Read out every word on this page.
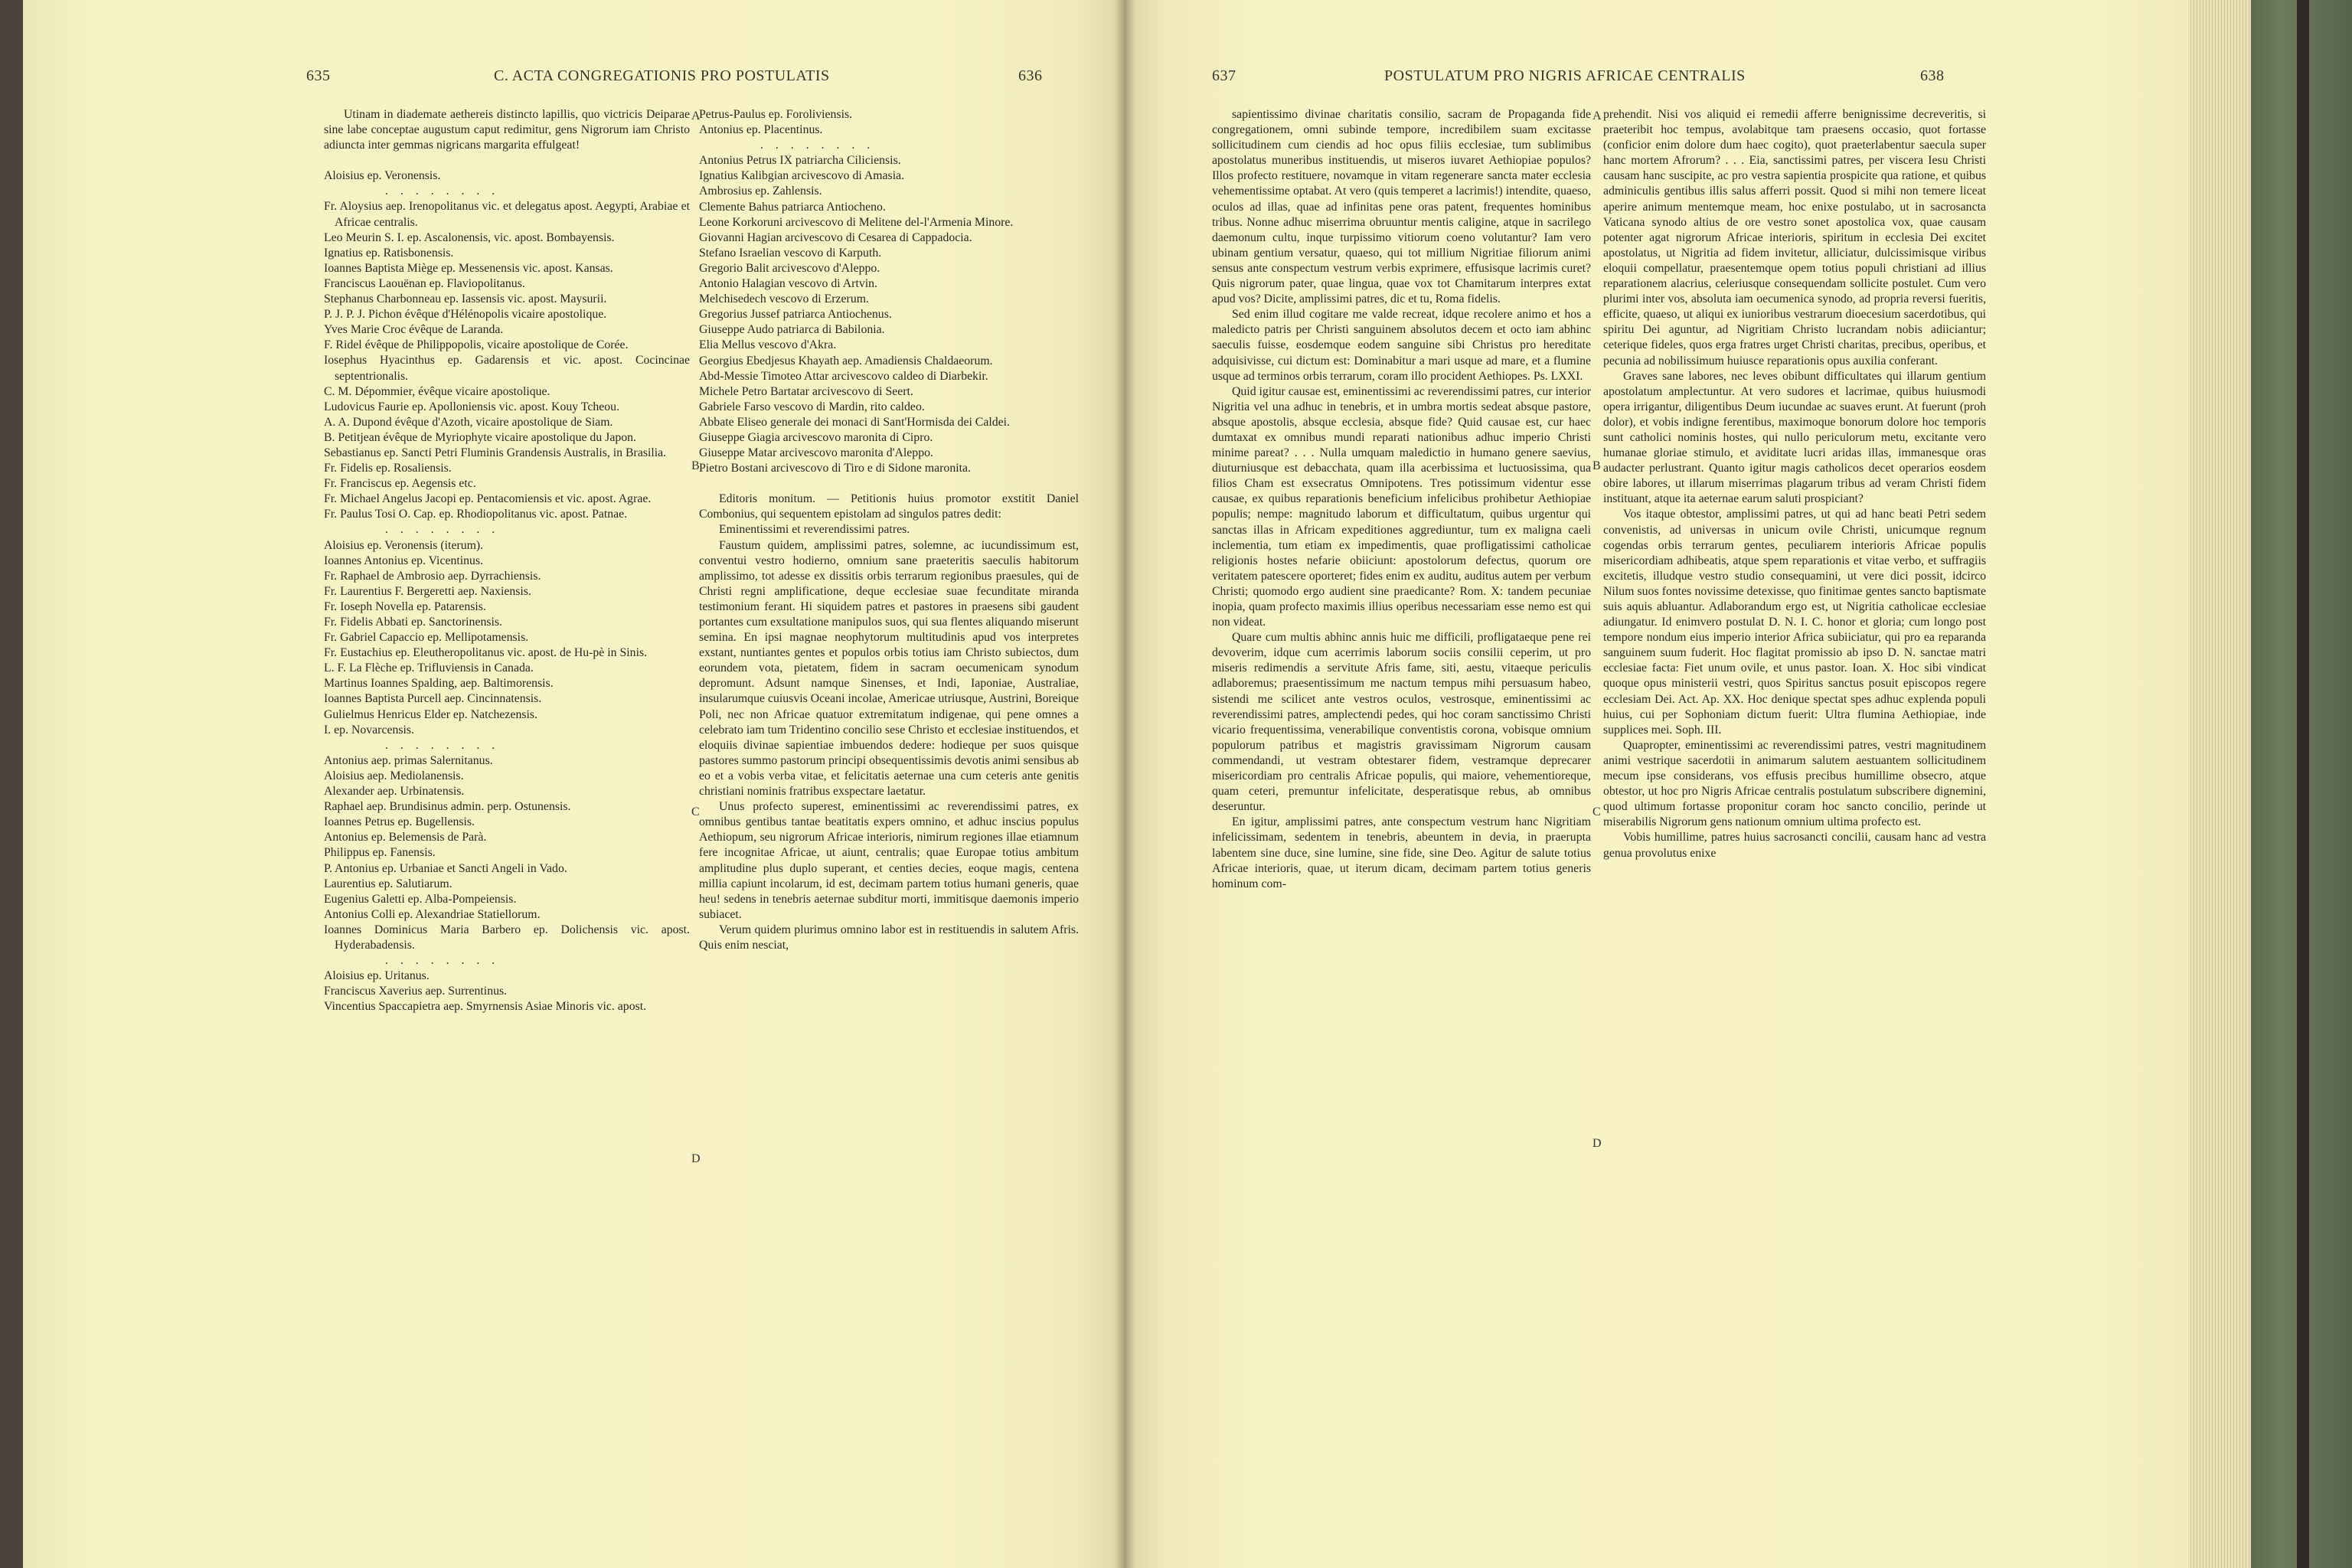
635	C. ACTA CONGREGATIONIS PRO POSTULATIS	636

Utinam in diademate aethereis distincto lapillis, quo victricis Deiparae sine labe conceptae augustum caput redimitur, gens Nigrorum iam Christo adiuncta inter gemmas nigricans margarita effulgeat!

Aloisius ep. Veronensis.

. . . . . . . .

Fr. Aloysius aep. Irenopolitanus vic. et delegatus apost. Aegypti, Arabiae et Africae centralis.

Leo Meurin S. I. ep. Ascalonensis, vic. apost. Bombayensis.

Ignatius ep. Ratisbonensis.

Ioannes Baptista Miège ep. Messenensis vic. apost. Kansas.

Franciscus Laouënan ep. Flaviopolitanus.

Stephanus Charbonneau ep. Iassensis vic. apost. Maysurii.

P. J. P. J. Pichon évêque d'Hélénopolis vicaire apostolique.

Yves Marie Croc évêque de Laranda.

F. Ridel évêque de Philippopolis, vicaire apostolique de Corée.

Iosephus Hyacinthus ep. Gadarensis et vic. apost. Cocincinae septentrionalis.

C. M. Dépommier, évêque vicaire apostolique.

Ludovicus Faurie ep. Apolloniensis vic. apost. Kouy Tcheou.

A. A. Dupond évêque d'Azoth, vicaire apostolique de Siam.

B. Petitjean évêque de Myriophyte vicaire apostolique du Japon.

Sebastianus ep. Sancti Petri Fluminis Grandensis Australis, in Brasilia.

Fr. Fidelis ep. Rosaliensis.

Fr. Franciscus ep. Aegensis etc.

Fr. Michael Angelus Jacopi ep. Pentacomiensis et vic. apost. Agrae.

Fr. Paulus Tosi O. Cap. ep. Rhodiopolitanus vic. apost. Patnae.

. . . . . . . .

Aloisius ep. Veronensis (iterum).

Ioannes Antonius ep. Vicentinus.

Fr. Raphael de Ambrosio aep. Dyrrachiensis.

Fr. Laurentius F. Bergeretti aep. Naxiensis.

Fr. Ioseph Novella ep. Patarensis.

Fr. Fidelis Abbati ep. Sanctorinensis.

Fr. Gabriel Capaccio ep. Mellipotamensis.

Fr. Eustachius ep. Eleutheropolitanus vic. apost. de Hu-pè in Sinis.

L. F. La Flèche ep. Trifluviensis in Canada.

Martinus Ioannes Spalding, aep. Baltimorensis.

Ioannes Baptista Purcell aep. Cincinnatensis.

Gulielmus Henricus Elder ep. Natchezensis.

I. ep. Novarcensis.

. . . . . . . .

Antonius aep. primas Salernitanus.

Aloisius aep. Mediolanensis.

Alexander aep. Urbinatensis.

Raphael aep. Brundisinus admin. perp. Ostunensis.

Ioannes Petrus ep. Bugellensis.

Antonius ep. Belemensis de Parà.

Philippus ep. Fanensis.

P. Antonius ep. Urbaniae et Sancti Angeli in Vado.

Laurentius ep. Salutiarum.

Eugenius Galetti ep. Alba-Pompeiensis.

Antonius Colli ep. Alexandriae Statiellorum.

Ioannes Dominicus Maria Barbero ep. Dolichensis vic. apost. Hyderabadensis.

. . . . . . . .

Aloisius ep. Uritanus.

Franciscus Xaverius aep. Surrentinus.

Vincentius Spaccapietra aep. Smyrnensis Asiae Minoris vic. apost.

Petrus-Paulus ep. Foroliviensis.

Antonius ep. Placentinus.

. . . . . . . .

Antonius Petrus IX patriarcha Ciliciensis.

Ignatius Kalibgian arcivescovo di Amasia.

Ambrosius ep. Zahlensis.

Clemente Bahus patriarca Antiocheno.

Leone Korkoruni arcivescovo di Melitene del-l'Armenia Minore.

Giovanni Hagian arcivescovo di Cesarea di Cappadocia.

Stefano Israelian vescovo di Karputh.

Gregorio Balit arcivescovo d'Aleppo.

Antonio Halagian vescovo di Artvin.

Melchisedech vescovo di Erzerum.

Gregorius Jussef patriarca Antiochenus.

Giuseppe Audo patriarca di Babilonia.

Elia Mellus vescovo d'Akra.

Georgius Ebedjesus Khayath aep. Amadiensis Chaldaeorum.

Abd-Messie Timoteo Attar arcivescovo caldeo di Diarbekir.

Michele Petro Bartatar arcivescovo di Seert.

Gabriele Farso vescovo di Mardin, rito caldeo.

Abbate Eliseo generale dei monaci di Sant'Hormisda dei Caldei.

Giuseppe Giagia arcivescovo maronita di Cipro.

Giuseppe Matar arcivescovo maronita d'Aleppo.

Pietro Bostani arcivescovo di Tiro e di Sidone maronita.

Editoris monitum. — Petitionis huius promotor exstitit Daniel Combonius, qui sequentem epistolam ad singulos patres dedit:

Eminentissimi et reverendissimi patres.

Faustum quidem, amplissimi patres, solemne, ac iucundissimum est, conventui vestro hodierno, omnium sane praeteritis saeculis habitorum amplissimo, tot adesse ex dissitis orbis terrarum regionibus praesules, qui de Christi regni amplificatione, deque ecclesiae suae fecunditate miranda testimonium ferant. Hi siquidem patres et pastores in praesens sibi gaudent portantes cum exsultatione manipulos suos, qui sua flentes aliquando miserunt semina. En ipsi magnae neophytorum multitudinis apud vos interpretes exstant, nuntiantes gentes et populos orbis totius iam Christo subiectos, dum eorundem vota, pietatem, fidem in sacram oecumenicam synodum depromunt. Adsunt namque Sinenses, et Indi, Iaponiae, Australiae, insularumque cuiusvis Oceani incolae, Americae utriusque, Austrini, Boreique Poli, nec non Africae quatuor extremitatum indigenae, qui pene omnes a celebrato iam tum Tridentino concilio sese Christo et ecclesiae instituendos, et eloquiis divinae sapientiae imbuendos dedere: hodieque per suos quisque pastores summo pastorum principi obsequentissimis devotis animi sensibus ab eo et a vobis verba vitae, et felicitatis aeternae una cum ceteris ante genitis christiani nominis fratribus exspectare laetatur.

Unus profecto superest, eminentissimi ac reverendissimi patres, ex omnibus gentibus tantae beatitatis expers omnino, et adhuc inscius populus Aethiopum, seu nigrorum Africae interioris, nimirum regiones illae etiamnum fere incognitae Africae, ut aiunt, centralis; quae Europae totius ambitum amplitudine plus duplo superant, et centies decies, eoque magis, centena millia capiunt incolarum, id est, decimam partem totius humani generis, quae heu! sedens in tenebris aeternae subditur morti, immitisque daemonis imperio subiacet.

Verum quidem plurimus omnino labor est in restituendis in salutem Afris. Quis enim nesciat,

A
B
C
D
637	POSTULATUM PRO NIGRIS AFRICAE CENTRALIS	638

sapientissimo divinae charitatis consilio, sacram de Propaganda fide congregationem, omni subinde tempore, incredibilem suam excitasse sollicitudinem cum ciendis ad hoc opus filiis ecclesiae, tum sublimibus apostolatus muneribus instituendis, ut miseros iuvaret Aethiopiae populos? Illos profecto restituere, novamque in vitam regenerare sancta mater ecclesia vehementissime optabat. At vero (quis temperet a lacrimis!) intendite, quaeso, oculos ad illas, quae ad infinitas pene oras patent, frequentes hominibus tribus. Nonne adhuc miserrima obruuntur mentis caligine, atque in sacrilego daemonum cultu, inque turpissimo vitiorum coeno volutantur? Iam vero ubinam gentium versatur, quaeso, qui tot millium Nigritiae filiorum animi sensus ante conspectum vestrum verbis exprimere, effusisque lacrimis curet? Quis nigrorum pater, quae lingua, quae vox tot Chamitarum interpres extat apud vos? Dicite, amplissimi patres, dic et tu, Roma fidelis.

Sed enim illud cogitare me valde recreat, idque recolere animo et hos a maledicto patris per Christi sanguinem absolutos decem et octo iam abhinc saeculis fuisse, eosdemque eodem sanguine sibi Christus pro hereditate adquisivisse, cui dictum est: Dominabitur a mari usque ad mare, et a flumine usque ad terminos orbis terrarum, coram illo procident Aethiopes. Ps. LXXI.

Quid igitur causae est, eminentissimi ac reverendissimi patres, cur interior Nigritia vel una adhuc in tenebris, et in umbra mortis sedeat absque pastore, absque apostolis, absque ecclesia, absque fide? Quid causae est, cur haec dumtaxat ex omnibus mundi reparati nationibus adhuc imperio Christi minime pareat? . . . Nulla umquam maledictio in humano genere saevius, diuturniusque est debacchata, quam illa acerbissima et luctuosissima, qua filios Cham est exsecratus Omnipotens. Tres potissimum videntur esse causae, ex quibus reparationis beneficium infelicibus prohibetur Aethiopiae populis; nempe: magnitudo laborum et difficultatum, quibus urgentur qui sanctas illas in Africam expeditiones aggrediuntur, tum ex maligna caeli inclementia, tum etiam ex impedimentis, quae profligatissimi catholicae religionis hostes nefarie obiiciunt: apostolorum defectus, quorum ore veritatem patescere oporteret; fides enim ex auditu, auditus autem per verbum Christi; quomodo ergo audient sine praedicante? Rom. X: tandem pecuniae inopia, quam profecto maximis illius operibus necessariam esse nemo est qui non videat.

Quare cum multis abhinc annis huic me difficili, profligataeque pene rei devoverim, idque cum acerrimis laborum sociis consilii ceperim, ut pro miseris redimendis a servitute Afris fame, siti, aestu, vitaeque periculis adlaboremus; praesentissimum me nactum tempus mihi persuasum habeo, sistendi me scilicet ante vestros oculos, vestrosque, eminentissimi ac reverendissimi patres, amplectendi pedes, qui hoc coram sanctissimo Christi vicario frequentissima, venerabilique conventistis corona, vobisque omnium populorum patribus et magistris gravissimam Nigrorum causam commendandi, ut vestram obtestarer fidem, vestramque deprecarer misericordiam pro centralis Africae populis, qui maiore, vehementioreque, quam ceteri, premuntur infelicitate, desperatisque rebus, ab omnibus deseruntur.

En igitur, amplissimi patres, ante conspectum vestrum hanc Nigritiam infelicissimam, sedentem in tenebris, abeuntem in devia, in praerupta labentem sine duce, sine lumine, sine fide, sine Deo. Agitur de salute totius Africae interioris, quae, ut iterum dicam, decimam partem totius generis hominum com-

prehendit. Nisi vos aliquid ei remedii afferre benignissime decreveritis, si praeteribit hoc tempus, avolabitque tam praesens occasio, quot fortasse (conficior enim dolore dum haec cogito), quot praeterlabentur saecula super hanc mortem Afrorum? . . . Eia, sanctissimi patres, per viscera Iesu Christi causam hanc suscipite, ac pro vestra sapientia prospicite qua ratione, et quibus adminiculis gentibus illis salus afferri possit. Quod si mihi non temere liceat aperire animum mentemque meam, hoc enixe postulabo, ut in sacrosancta Vaticana synodo altius de ore vestro sonet apostolica vox, quae causam potenter agat nigrorum Africae interioris, spiritum in ecclesia Dei excitet apostolatus, ut Nigritia ad fidem invitetur, alliciatur, dulcissimisque viribus eloquii compellatur, praesentemque opem totius populi christiani ad illius reparationem alacrius, celeriusque consequendam sollicite postulet. Cum vero plurimi inter vos, absoluta iam oecumenica synodo, ad propria reversi fueritis, efficite, quaeso, ut aliqui ex iunioribus vestrarum dioecesium sacerdotibus, qui spiritu Dei aguntur, ad Nigritiam Christo lucrandam nobis adiiciantur; ceterique fideles, quos erga fratres urget Christi charitas, precibus, operibus, et pecunia ad nobilissimum huiusce reparationis opus auxilia conferant.

Graves sane labores, nec leves obibunt difficultates qui illarum gentium apostolatum amplectuntur. At vero sudores et lacrimae, quibus huiusmodi opera irrigantur, diligentibus Deum iucundae ac suaves erunt. At fuerunt (proh dolor), et vobis indigne ferentibus, maximoque bonorum dolore hoc temporis sunt catholici nominis hostes, qui nullo periculorum metu, excitante vero humanae gloriae stimulo, et aviditate lucri aridas illas, immanesque oras audacter perlustrant. Quanto igitur magis catholicos decet operarios eosdem obire labores, ut illarum miserrimas plagarum tribus ad veram Christi fidem instituant, atque ita aeternae earum saluti prospiciant?

Vos itaque obtestor, amplissimi patres, ut qui ad hanc beati Petri sedem convenistis, ad universas in unicum ovile Christi, unicumque regnum cogendas orbis terrarum gentes, peculiarem interioris Africae populis misericordiam adhibeatis, atque spem reparationis et vitae verbo, et suffragiis excitetis, illudque vestro studio consequamini, ut vere dici possit, idcirco Nilum suos fontes novissime detexisse, quo finitimae gentes sancto baptismate suis aquis abluantur. Adlaborandum ergo est, ut Nigritia catholicae ecclesiae adiungatur. Id enimvero postulat D. N. I. C. honor et gloria; cum longo post tempore nondum eius imperio interior Africa subiiciatur, qui pro ea reparanda sanguinem suum fuderit. Hoc flagitat promissio ab ipso D. N. sanctae matri ecclesiae facta: Fiet unum ovile, et unus pastor. Ioan. X. Hoc sibi vindicat quoque opus ministerii vestri, quos Spiritus sanctus posuit episcopos regere ecclesiam Dei. Act. Ap. XX. Hoc denique spectat spes adhuc explenda populi huius, cui per Sophoniam dictum fuerit: Ultra flumina Aethiopiae, inde supplices mei. Soph. III.

Quapropter, eminentissimi ac reverendissimi patres, vestri magnitudinem animi vestrique sacerdotii in animarum salutem aestuantem sollicitudinem mecum ipse considerans, vos effusis precibus humillime obsecro, atque obtestor, ut hoc pro Nigris Africae centralis postulatum subscribere dignemini, quod ultimum fortasse proponitur coram hoc sancto concilio, perinde ut miserabilis Nigrorum gens nationum omnium ultima profecto est.

Vobis humillime, patres huius sacrosancti concilii, causam hanc ad vestra genua provolutus enixe

A
B
C
D
